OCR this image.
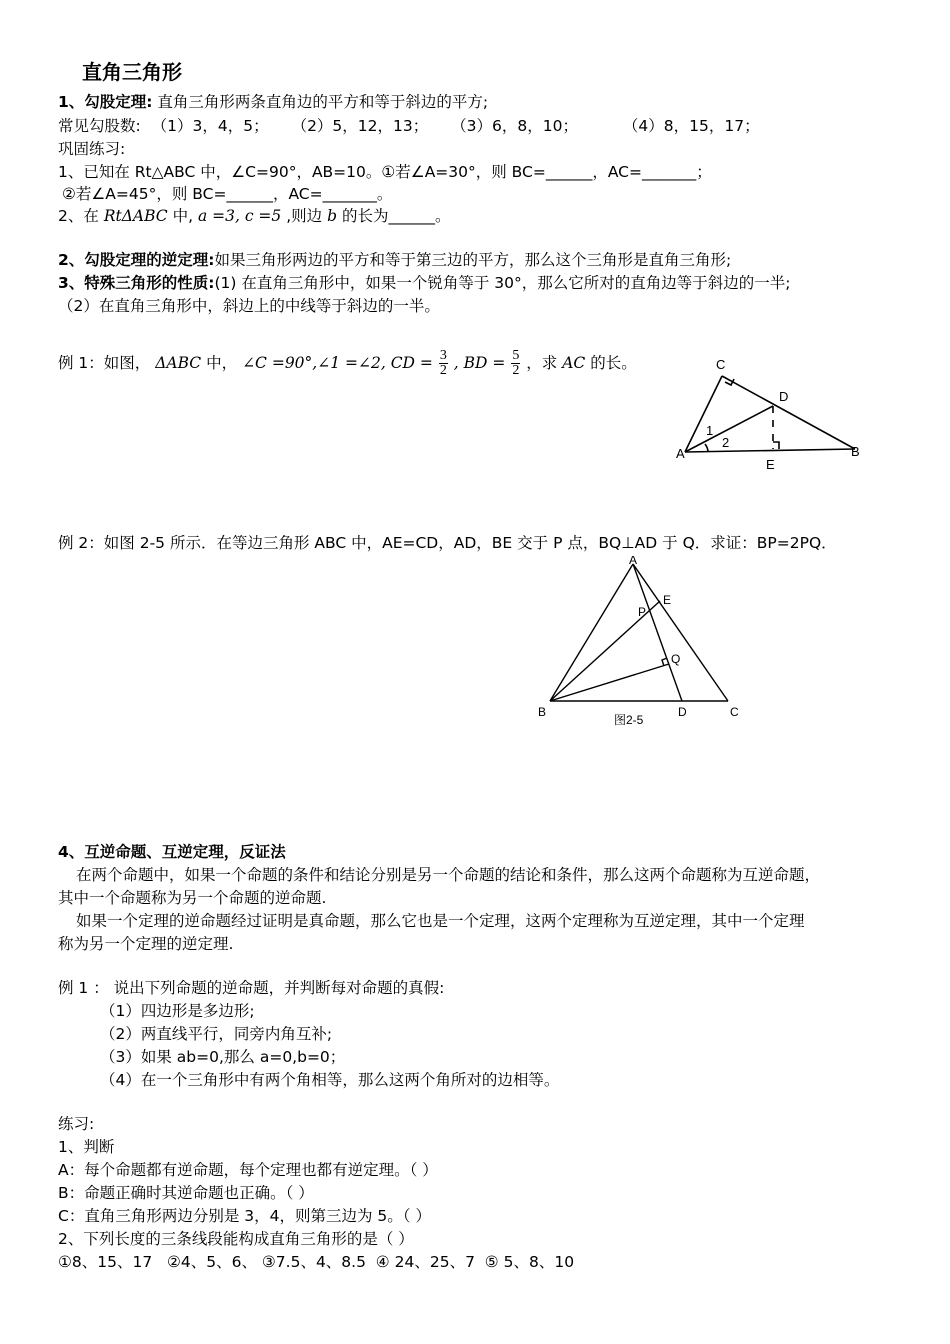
直角三角形
1、勾股定理: 直角三角形两条直角边的平方和等于斜边的平方;
常见勾股数: （1）3，4，5； （2）5，12，13； （3）6，8，10；	（4）8，15，17；
巩固练习:
1、已知在 Rt△ABC 中，∠C=90°，AB=10。①若∠A=30°，则 BC=______，AC=_______；
②若∠A=45°，则 BC=______，AC=_______。
2、在 RtΔABC 中, a =3, c =5 ,则边 b 的长为______。
2、勾股定理的逆定理:如果三角形两边的平方和等于第三边的平方，那么这个三角形是直角三角形;
3、特殊三角形的性质:(1) 在直角三角形中，如果一个锐角等于 30°，那么它所对的直角边等于斜边的一半;
（2）在直角三角形中，斜边上的中线等于斜边的一半。
例 1：如图， ΔABC 中， ∠C =90°,∠1 =∠2, CD = $\frac{3}{2}$ , BD = $\frac{5}{2}$ ，求 AC 的长。	C
D
A	B
E
1
2
例 2：如图 2-5 所示．在等边三角形 ABC 中，AE=CD，AD，BE 交于 P 点，BQ⊥AD 于 Q．求证：BP=2PQ．
A
E
P
Q
B	D	C
图2-5
4、互逆命题、互逆定理，反证法
在两个命题中，如果一个命题的条件和结论分别是另一个命题的结论和条件，那么这两个命题称为互逆命题，
其中一个命题称为另一个命题的逆命题.
如果一个定理的逆命题经过证明是真命题，那么它也是一个定理，这两个定理称为互逆定理，其中一个定理
称为另一个定理的逆定理.
例 1 ： 说出下列命题的逆命题，并判断每对命题的真假:
（1）四边形是多边形;
（2）两直线平行，同旁内角互补;
（3）如果 ab=0,那么 a=0,b=0；
（4）在一个三角形中有两个角相等，那么这两个角所对的边相等。
练习:
1、判断
A：每个命题都有逆命题，每个定理也都有逆定理。（ ）
B：命题正确时其逆命题也正确。（ ）
C：直角三角形两边分别是 3，4，则第三边为 5。（ ）
2、下列长度的三条线段能构成直角三角形的是（ ）
①8、15、17   ②4、5、6、 ③7.5、4、8.5  ④ 24、25、7  ⑤ 5、8、10
